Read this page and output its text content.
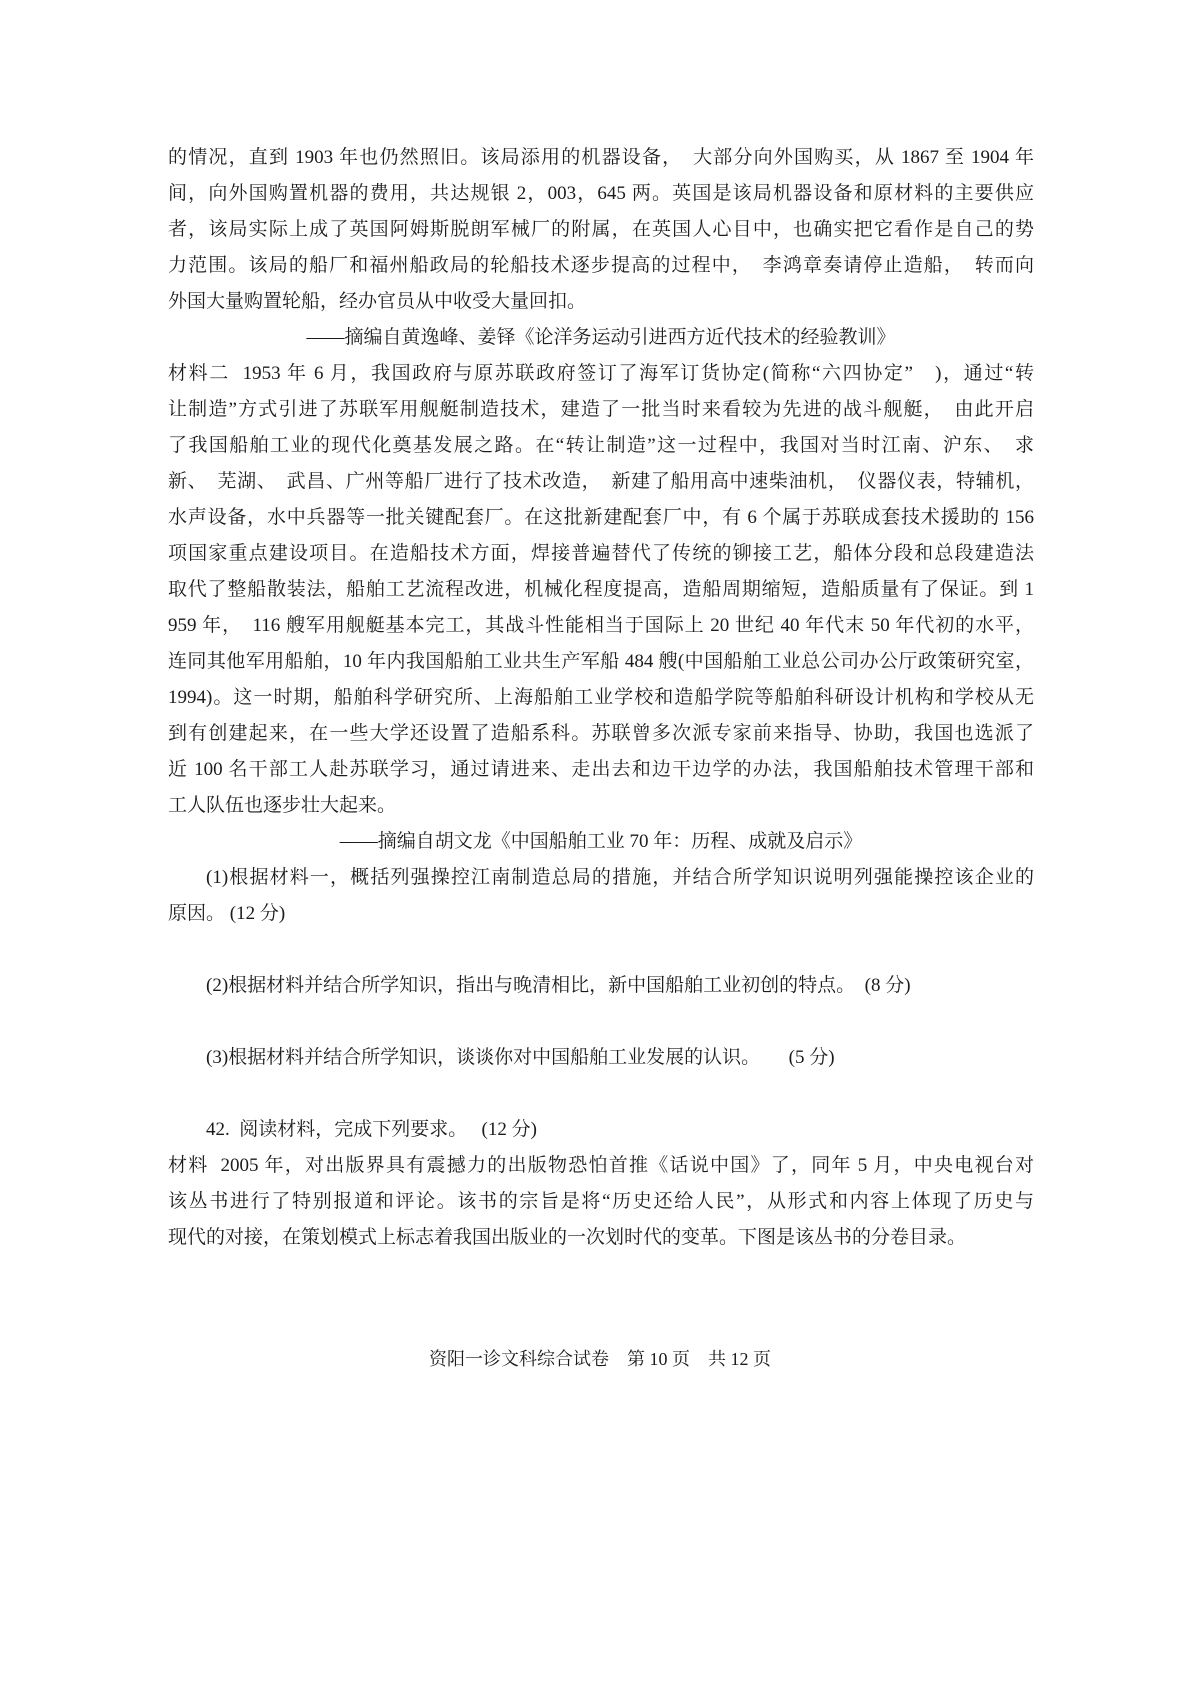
的情况，直到 1903 年也仍然照旧。该局添用的机器设备，　大部分向外国购买，从 1867 至 1904 年
间，向外国购置机器的费用，共达规银 2，003，645 两。英国是该局机器设备和原材料的主要供应
者，该局实际上成了英国阿姆斯脱朗军械厂的附属，在英国人心目中，也确实把它看作是自己的势
力范围。该局的船厂和福州船政局的轮船技术逐步提高的过程中，　李鸿章奏请停止造船，　转而向
外国大量购置轮船，经办官员从中收受大量回扣。
——摘编自黄逸峰、姜铎《论洋务运动引进西方近代技术的经验教训》
材料二  1953 年 6 月，我国政府与原苏联政府签订了海军订货协定(简称“六四协定”　)，通过“转
让制造”方式引进了苏联军用舰艇制造技术，建造了一批当时来看较为先进的战斗舰艇，　由此开启
了我国船舶工业的现代化奠基发展之路。在“转让制造”这一过程中，我国对当时江南、沪东、　求
新、　芜湖、　武昌、广州等船厂进行了技术改造，　新建了船用高中速柴油机，　仪器仪表，特辅机，
水声设备，水中兵器等一批关键配套厂。在这批新建配套厂中，有 6 个属于苏联成套技术援助的 156
项国家重点建设项目。在造船技术方面，焊接普遍替代了传统的铆接工艺，船体分段和总段建造法
取代了整船散装法，船舶工艺流程改进，机械化程度提高，造船周期缩短，造船质量有了保证。到 1
959 年，　116 艘军用舰艇基本完工，其战斗性能相当于国际上 20 世纪 40 年代末 50 年代初的水平，
连同其他军用船舶，10 年内我国船舶工业共生产军船 484 艘(中国船舶工业总公司办公厅政策研究室，
1994)。这一时期，船舶科学研究所、上海船舶工业学校和造船学院等船舶科研设计机构和学校从无
到有创建起来，在一些大学还设置了造船系科。苏联曾多次派专家前来指导、协助，我国也选派了
近 100 名干部工人赴苏联学习，通过请进来、走出去和边干边学的办法，我国船舶技术管理干部和
工人队伍也逐步壮大起来。
——摘编自胡文龙《中国船舶工业 70 年：历程、成就及启示》
(1)根据材料一，概括列强操控江南制造总局的措施，并结合所学知识说明列强能操控该企业的
原因。 (12 分)
(2)根据材料并结合所学知识，指出与晚清相比，新中国船舶工业初创的特点。　(8 分)
(3)根据材料并结合所学知识，谈谈你对中国船舶工业发展的认识。　　(5 分)
42.  阅读材料，完成下列要求。　 (12 分)
材料  2005 年，对出版界具有震撼力的出版物恐怕首推《话说中国》了，同年 5 月，中央电视台对
该丛书进行了特别报道和评论。该书的宗旨是将“历史还给人民”，从形式和内容上体现了历史与
现代的对接，在策划模式上标志着我国出版业的一次划时代的变革。下图是该丛书的分卷目录。
资阳一诊文科综合试卷　第 10 页　共 12 页
